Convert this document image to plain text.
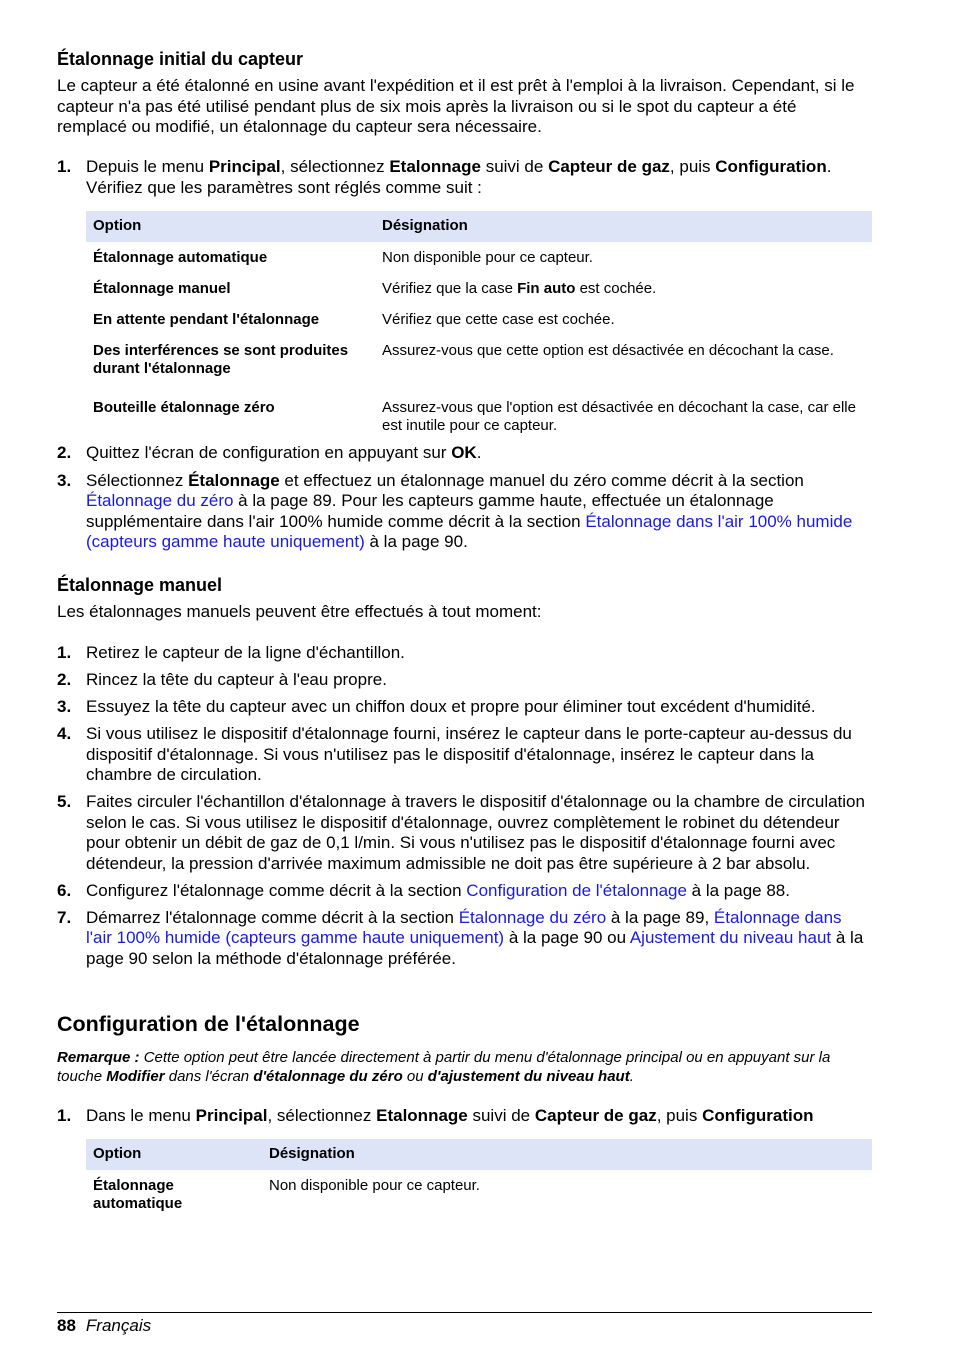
Étalonnage initial du capteur

Le capteur a été étalonné en usine avant l'expédition et il est prêt à l'emploi à la livraison. Cependant, si le capteur n'a pas été utilisé pendant plus de six mois après la livraison ou si le spot du capteur a été remplacé ou modifié, un étalonnage du capteur sera nécessaire.

1. Depuis le menu Principal, sélectionnez Etalonnage suivi de Capteur de gaz, puis Configuration. Vérifiez que les paramètres sont réglés comme suit :
Option	Désignation
Étalonnage automatique	Non disponible pour ce capteur.
Étalonnage manuel	Vérifiez que la case Fin auto est cochée.
En attente pendant l'étalonnage	Vérifiez que cette case est cochée.
Des interférences se sont produites durant l'étalonnage	Assurez-vous que cette option est désactivée en décochant la case.
Bouteille étalonnage zéro	Assurez-vous que l'option est désactivée en décochant la case, car elle est inutile pour ce capteur.
2. Quittez l'écran de configuration en appuyant sur OK.
3. Sélectionnez Étalonnage et effectuez un étalonnage manuel du zéro comme décrit à la section Étalonnage du zéro à la page 89. Pour les capteurs gamme haute, effectuée un étalonnage supplémentaire dans l'air 100% humide comme décrit à la section Étalonnage dans l'air 100% humide (capteurs gamme haute uniquement) à la page 90.
Étalonnage manuel

Les étalonnages manuels peuvent être effectués à tout moment:

1. Retirez le capteur de la ligne d'échantillon.
2. Rincez la tête du capteur à l'eau propre.
3. Essuyez la tête du capteur avec un chiffon doux et propre pour éliminer tout excédent d'humidité.
4. Si vous utilisez le dispositif d'étalonnage fourni, insérez le capteur dans le porte-capteur au-dessus du dispositif d'étalonnage. Si vous n'utilisez pas le dispositif d'étalonnage, insérez le capteur dans la chambre de circulation.
5. Faites circuler l'échantillon d'étalonnage à travers le dispositif d'étalonnage ou la chambre de circulation selon le cas. Si vous utilisez le dispositif d'étalonnage, ouvrez complètement le robinet du détendeur pour obtenir un débit de gaz de 0,1 l/min. Si vous n'utilisez pas le dispositif d'étalonnage fourni avec détendeur, la pression d'arrivée maximum admissible ne doit pas être supérieure à 2 bar absolu.
6. Configurez l'étalonnage comme décrit à la section Configuration de l'étalonnage à la page 88.
7. Démarrez l'étalonnage comme décrit à la section Étalonnage du zéro à la page 89, Étalonnage dans l'air 100% humide (capteurs gamme haute uniquement) à la page 90 ou Ajustement du niveau haut à la page 90 selon la méthode d'étalonnage préférée.
Configuration de l'étalonnage

Remarque : Cette option peut être lancée directement à partir du menu d'étalonnage principal ou en appuyant sur la touche Modifier dans l'écran d'étalonnage du zéro ou d'ajustement du niveau haut.

1. Dans le menu Principal, sélectionnez Etalonnage suivi de Capteur de gaz, puis Configuration
Option	Désignation
Étalonnage automatique	Non disponible pour ce capteur.
88 Français
